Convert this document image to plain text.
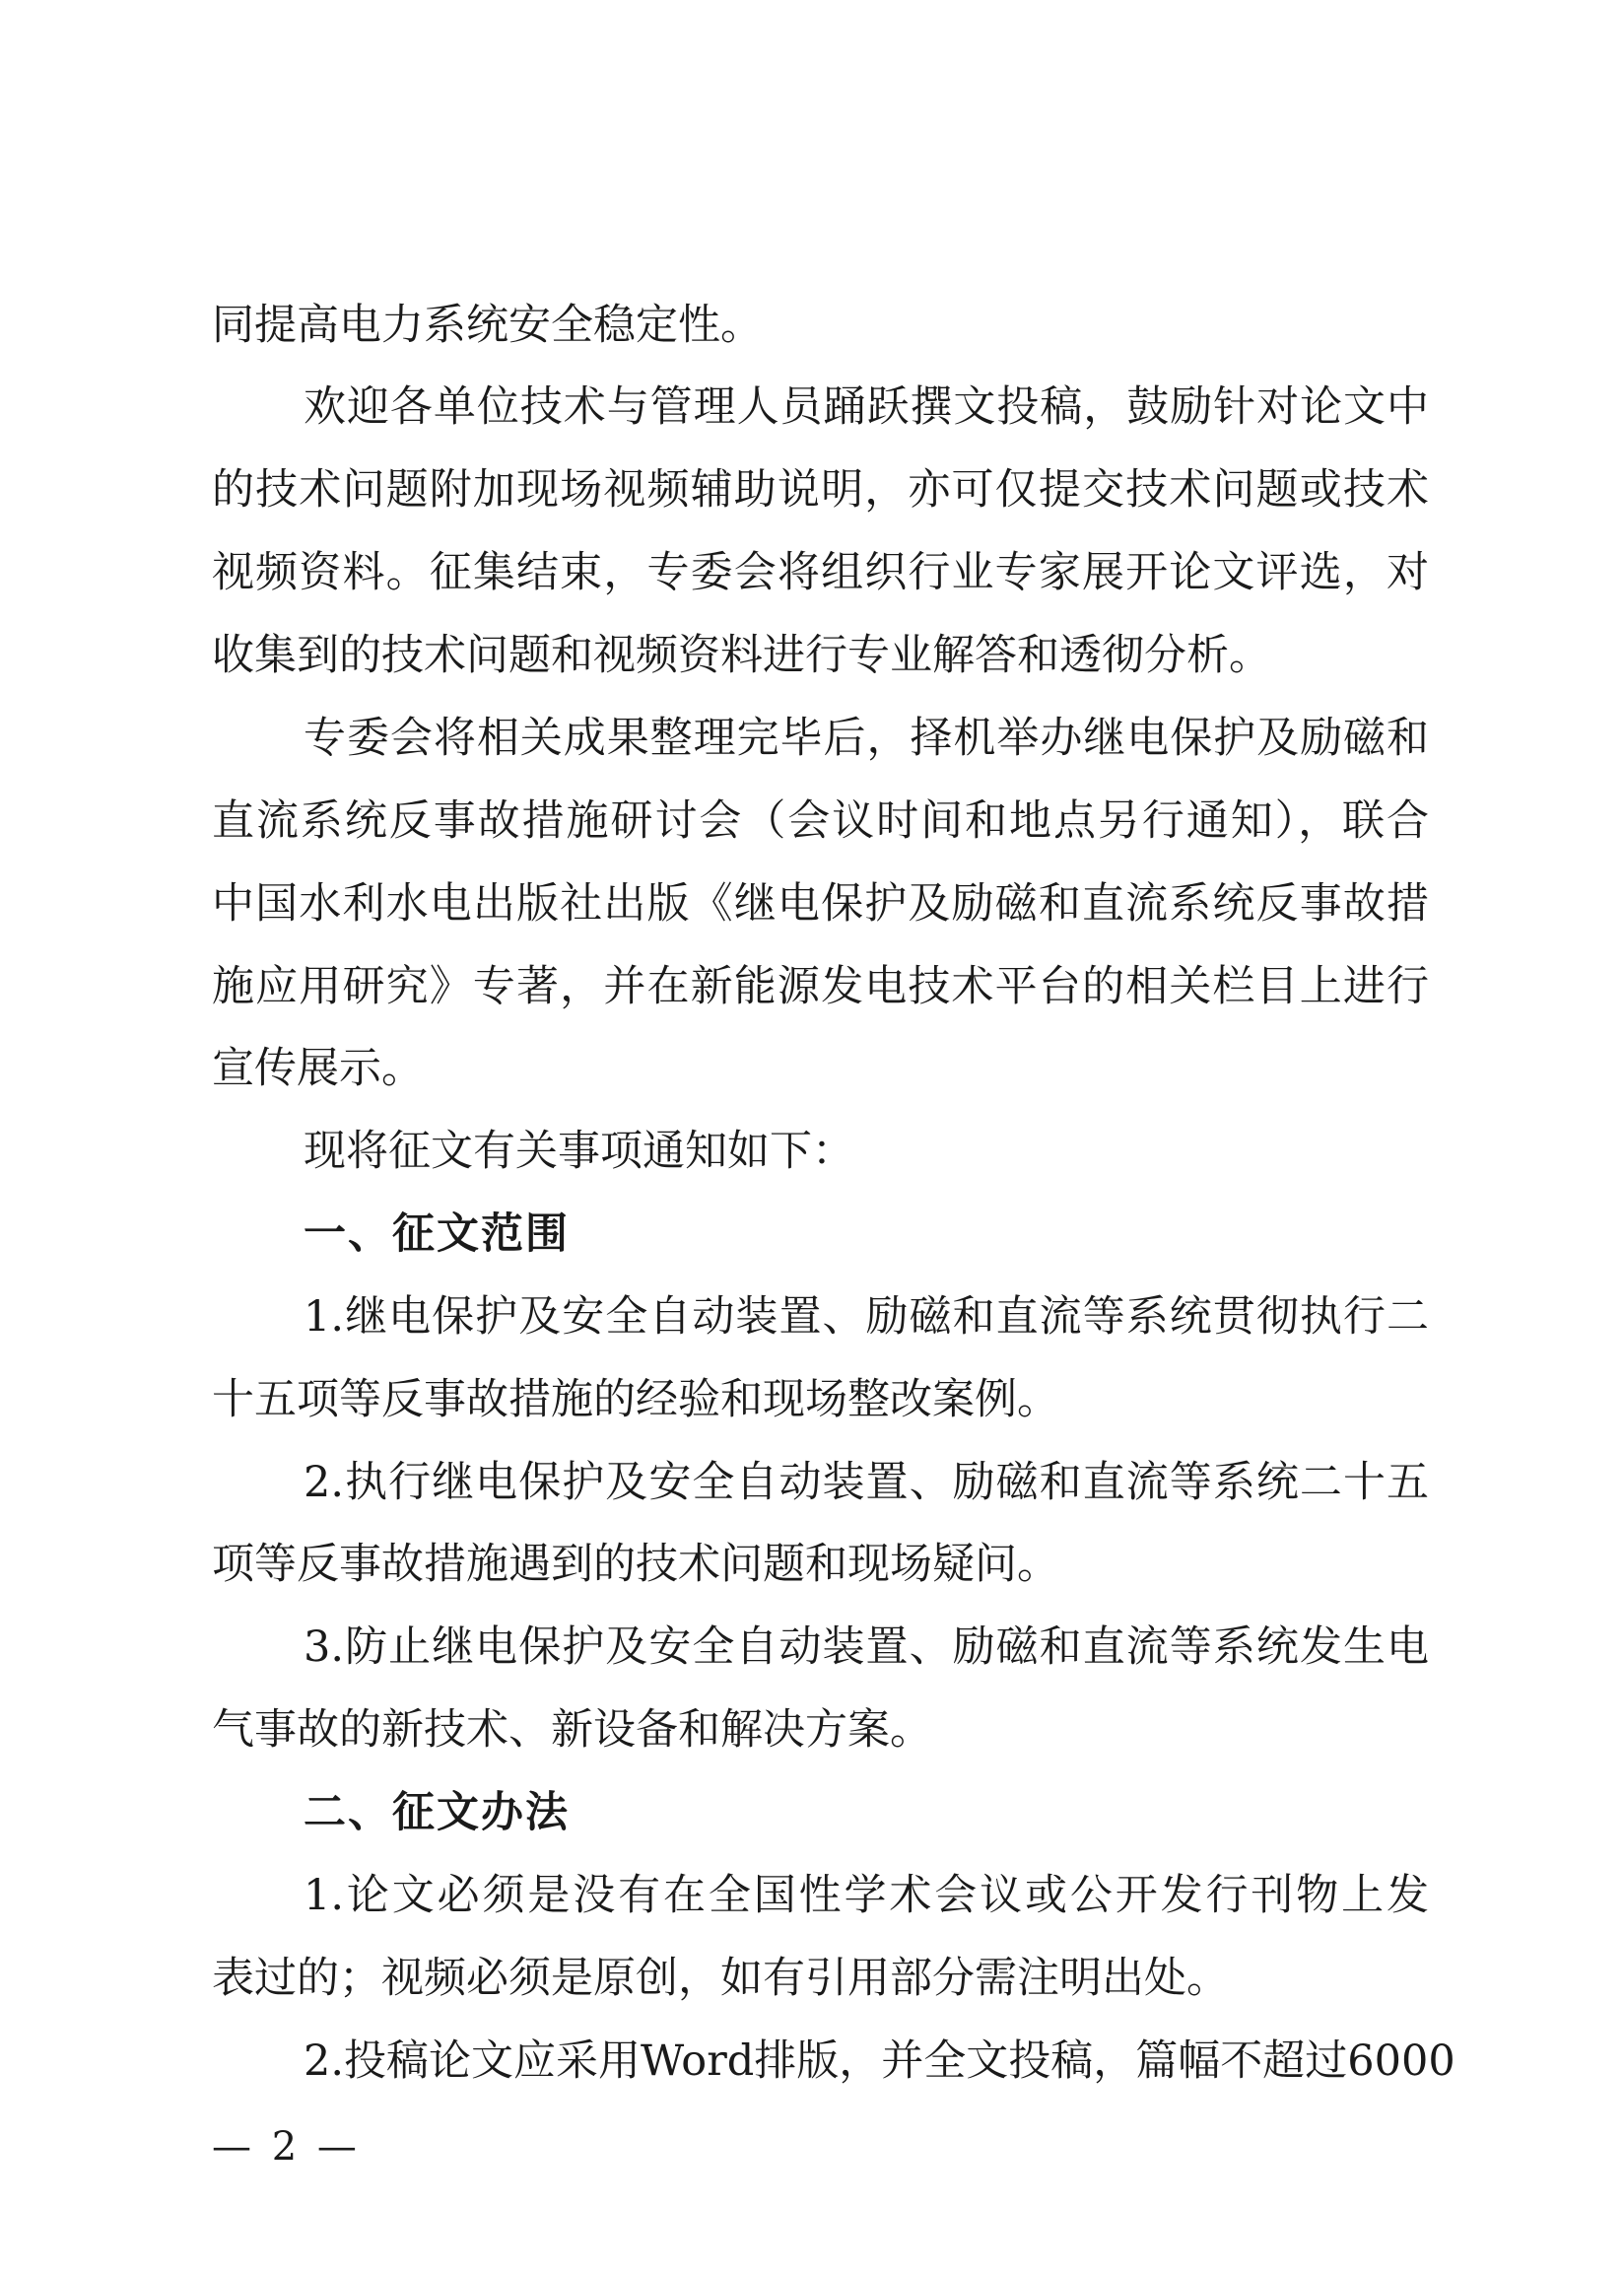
同提高电力系统安全稳定性。
欢迎各单位技术与管理人员踊跃撰文投稿，鼓励针对论文中
的技术问题附加现场视频辅助说明，亦可仅提交技术问题或技术
视频资料。征集结束，专委会将组织行业专家展开论文评选，对
收集到的技术问题和视频资料进行专业解答和透彻分析。
专委会将相关成果整理完毕后，择机举办继电保护及励磁和
直流系统反事故措施研讨会（会议时间和地点另行通知），联合
中国水利水电出版社出版《继电保护及励磁和直流系统反事故措
施应用研究》专著，并在新能源发电技术平台的相关栏目上进行
宣传展示。
现将征文有关事项通知如下：
一、征文范围
1.继电保护及安全自动装置、励磁和直流等系统贯彻执行二
十五项等反事故措施的经验和现场整改案例。
2.执行继电保护及安全自动装置、励磁和直流等系统二十五
项等反事故措施遇到的技术问题和现场疑问。
3.防止继电保护及安全自动装置、励磁和直流等系统发生电
气事故的新技术、新设备和解决方案。
二、征文办法
1.论文必须是没有在全国性学术会议或公开发行刊物上发
表过的；视频必须是原创，如有引用部分需注明出处。
2.投稿论文应采用Word排版，并全文投稿，篇幅不超过6000
— 2 —
